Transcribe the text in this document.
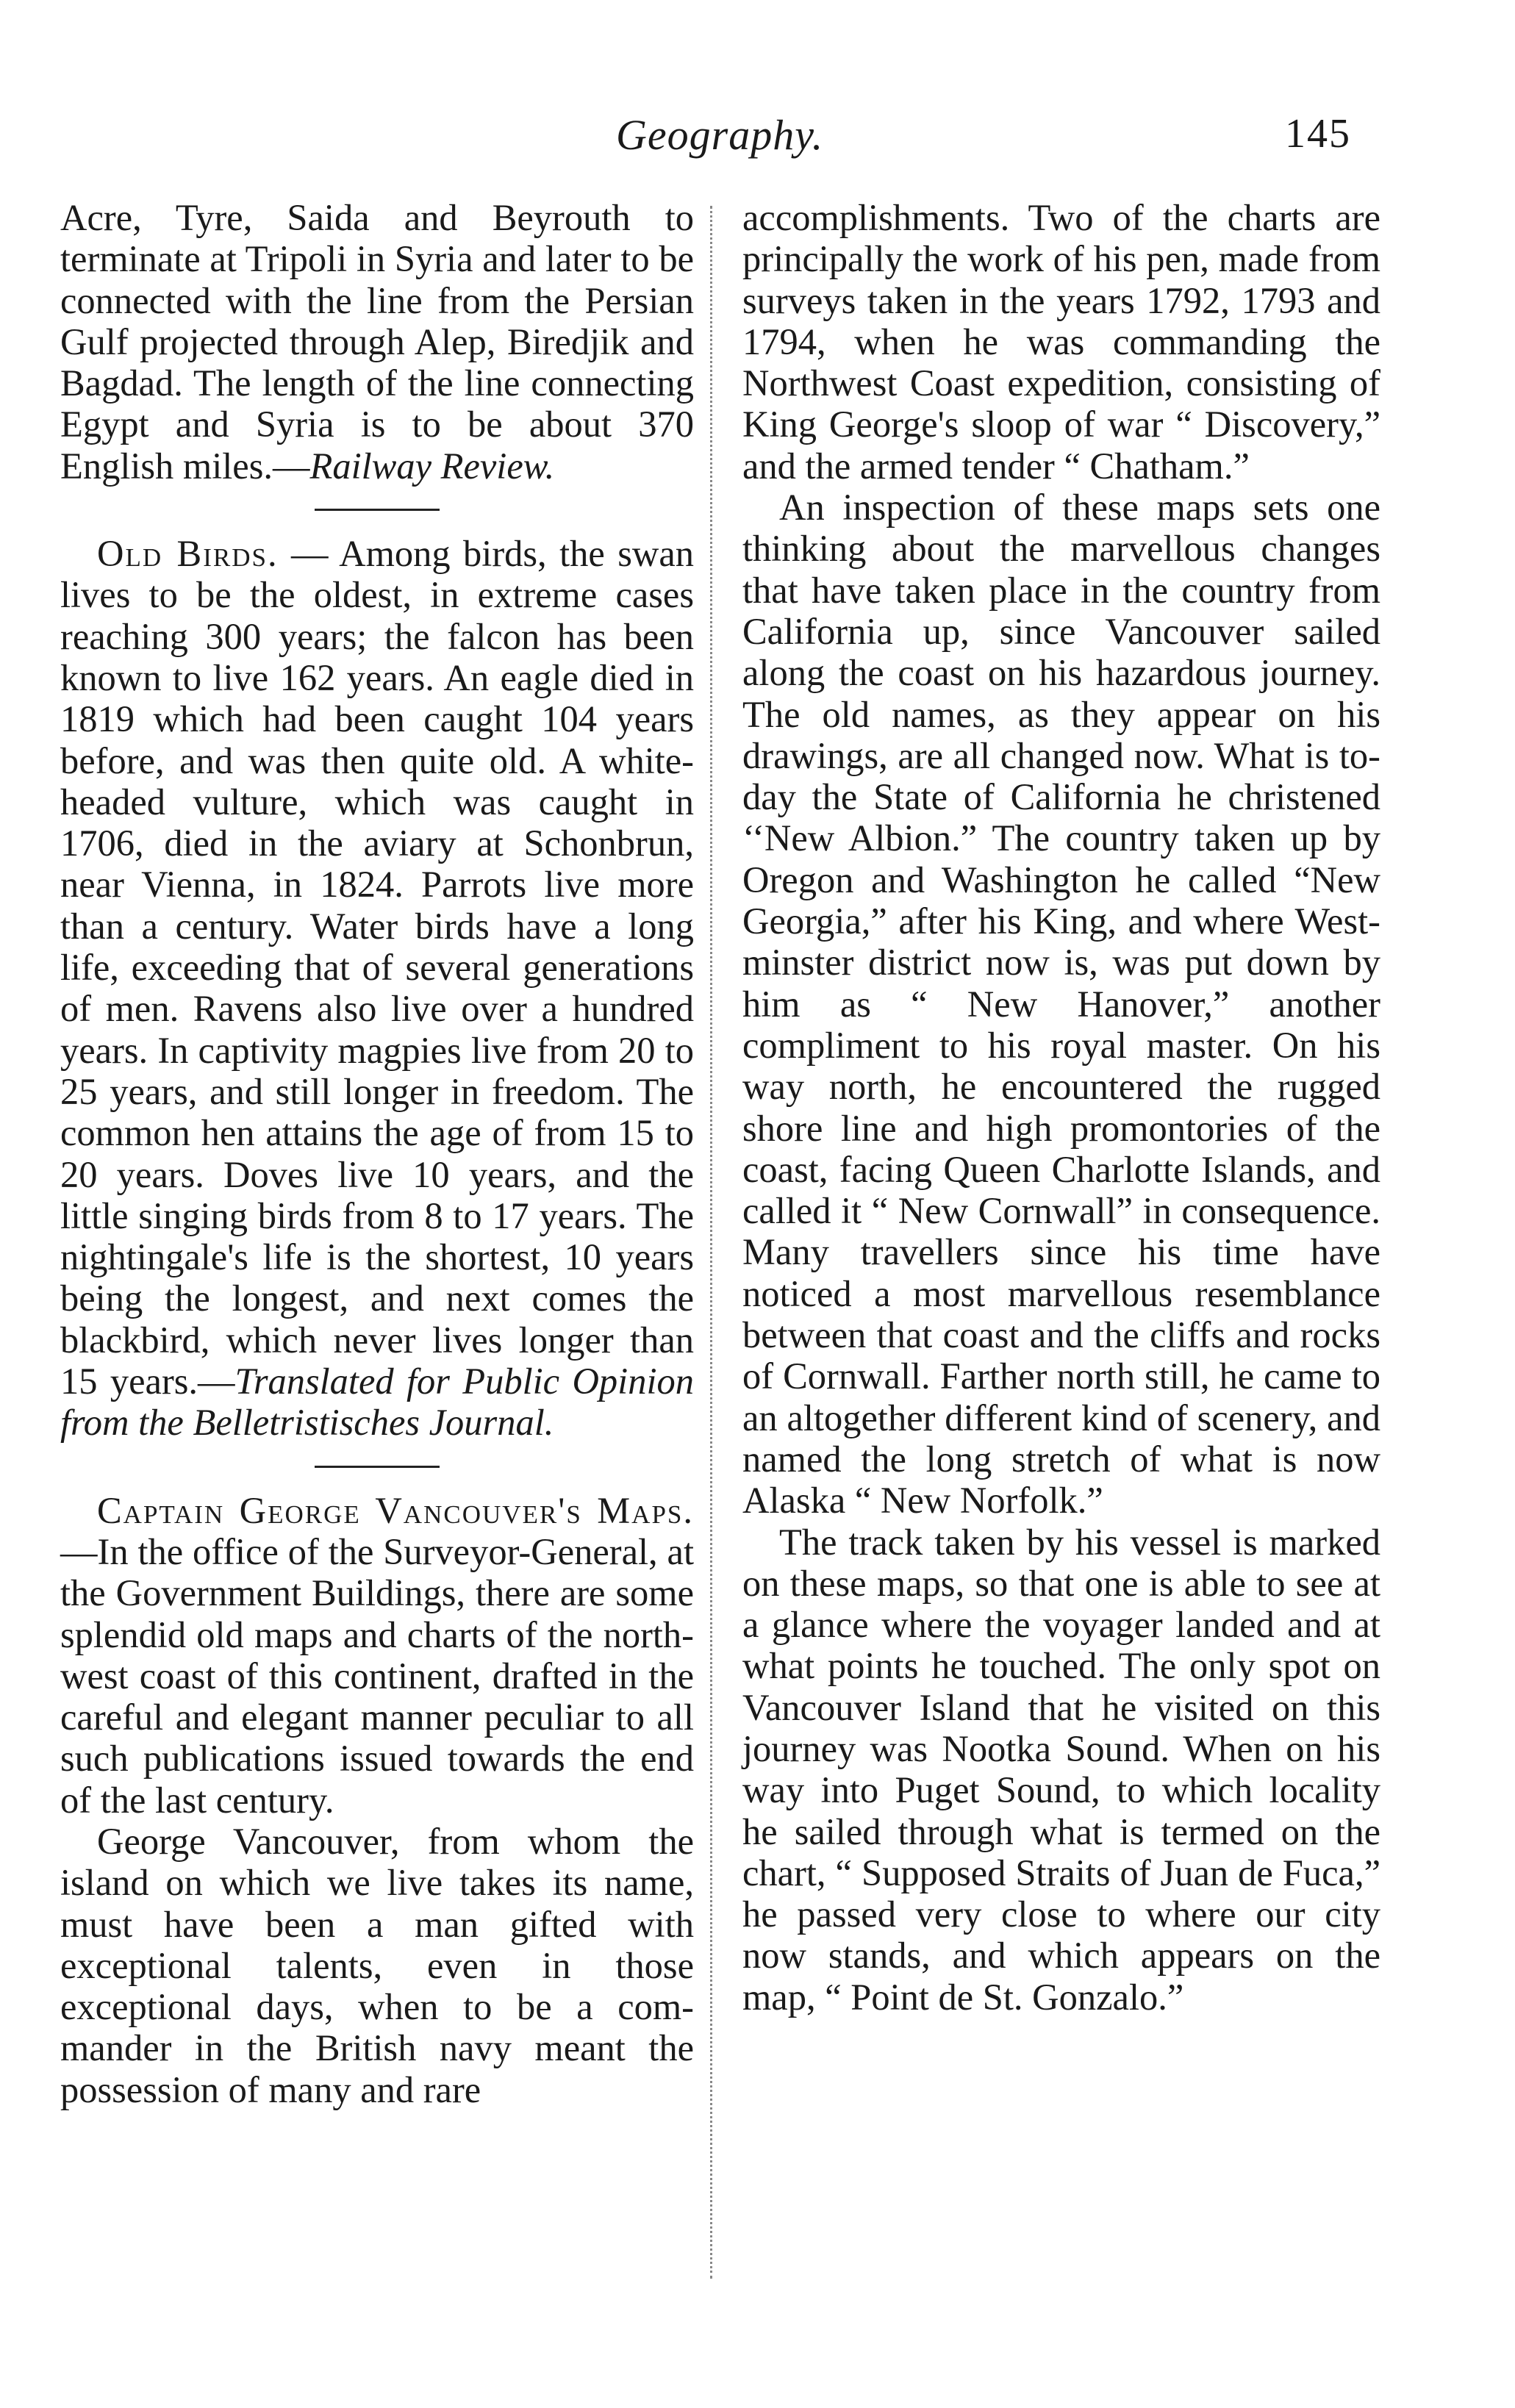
Geography.	145

Acre, Tyre, Saida and Beyrouth to terminate at Tripoli in Syria and later to be connected with the line from the Persian Gulf projected through Alep, Biredjik and Bagdad. The length of the line connecting Egypt and Syria is to be about 370 English miles.—Railway Review.

Old Birds. — Among birds, the swan lives to be the oldest, in extreme cases reaching 300 years; the falcon has been known to live 162 years. An eagle died in 1819 which had been caught 104 years before, and was then quite old. A white-headed vulture, which was caught in 1706, died in the aviary at Schonbrun, near Vienna, in 1824. Parrots live more than a century. Water birds have a long life, exceeding that of several generations of men. Ravens also live over a hundred years. In captivity magpies live from 20 to 25 years, and still longer in freedom. The common hen attains the age of from 15 to 20 years. Doves live 10 years, and the little singing birds from 8 to 17 years. The nightingale's life is the shortest, 10 years being the longest, and next comes the blackbird, which never lives longer than 15 years.—Translated for Public Opinion from the Belletristisches Journal.

Captain George Vancouver's Maps.—In the office of the Surveyor-General, at the Government Buildings, there are some splendid old maps and charts of the north-west coast of this continent, drafted in the careful and elegant manner peculiar to all such publications issued towards the end of the last century.

George Vancouver, from whom the island on which we live takes its name, must have been a man gifted with exceptional talents, even in those exceptional days, when to be a commander in the British navy meant the possession of many and rare

accomplishments. Two of the charts are principally the work of his pen, made from surveys taken in the years 1792, 1793 and 1794, when he was commanding the Northwest Coast expedition, consisting of King George's sloop of war “ Discovery,” and the armed tender “ Chatham.”

An inspection of these maps sets one thinking about the marvellous changes that have taken place in the country from California up, since Vancouver sailed along the coast on his hazardous journey. The old names, as they appear on his drawings, are all changed now. What is to-day the State of California he christened ‘‘New Albion.” The country taken up by Oregon and Washington he called “New Georgia,” after his King, and where Westminster district now is, was put down by him as “ New Hanover,” another compliment to his royal master. On his way north, he encountered the rugged shore line and high promontories of the coast, facing Queen Charlotte Islands, and called it “ New Cornwall” in consequence. Many travellers since his time have noticed a most marvellous resemblance between that coast and the cliffs and rocks of Cornwall. Farther north still, he came to an altogether different kind of scenery, and named the long stretch of what is now Alaska “ New Norfolk.”

The track taken by his vessel is marked on these maps, so that one is able to see at a glance where the voyager landed and at what points he touched. The only spot on Vancouver Island that he visited on this journey was Nootka Sound. When on his way into Puget Sound, to which locality he sailed through what is termed on the chart, “ Supposed Straits of Juan de Fuca,” he passed very close to where our city now stands, and which appears on the map, “ Point de St. Gonzalo.”
